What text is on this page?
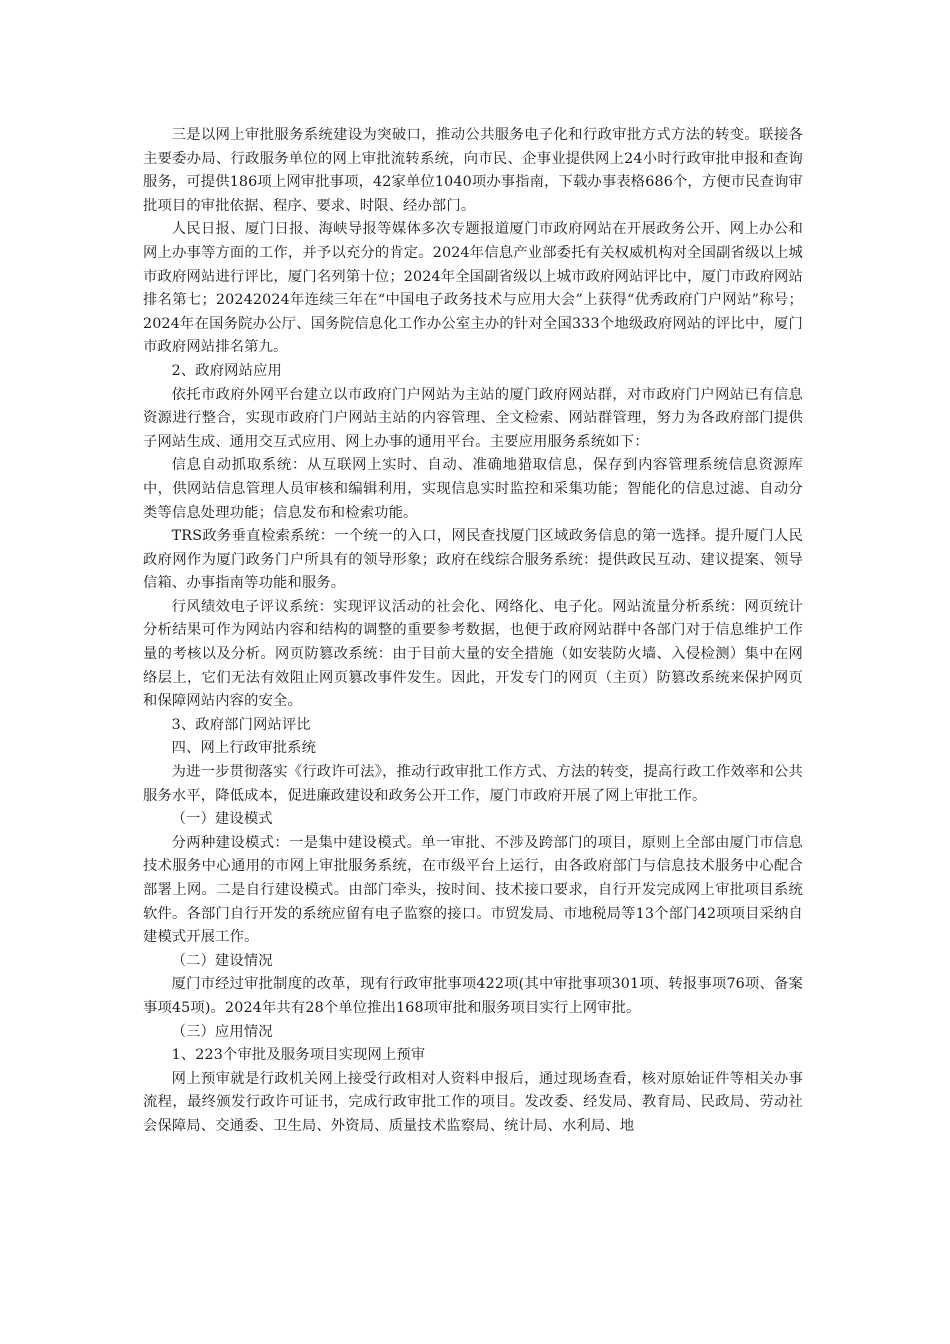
三是以网上审批服务系统建设为突破口，推动公共服务电子化和行政审批方式方法的转变。联接各主要委办局、行政服务单位的网上审批流转系统，向市民、企事业提供网上24小时行政审批申报和查询服务，可提供186项上网审批事项，42家单位1040项办事指南，下载办事表格686个，方便市民查询审批项目的审批依据、程序、要求、时限、经办部门。

人民日报、厦门日报、海峡导报等媒体多次专题报道厦门市政府网站在开展政务公开、网上办公和网上办事等方面的工作，并予以充分的肯定。2024年信息产业部委托有关权威机构对全国副省级以上城市政府网站进行评比，厦门名列第十位；2024年全国副省级以上城市政府网站评比中，厦门市政府网站排名第七；20242024年连续三年在“中国电子政务技术与应用大会”上获得“优秀政府门户网站”称号；2024年在国务院办公厅、国务院信息化工作办公室主办的针对全国333个地级政府网站的评比中，厦门市政府网站排名第九。

2、政府网站应用

依托市政府外网平台建立以市政府门户网站为主站的厦门政府网站群，对市政府门户网站已有信息资源进行整合，实现市政府门户网站主站的内容管理、全文检索、网站群管理，努力为各政府部门提供子网站生成、通用交互式应用、网上办事的通用平台。主要应用服务系统如下：

信息自动抓取系统：从互联网上实时、自动、准确地猎取信息，保存到内容管理系统信息资源库中，供网站信息管理人员审核和编辑利用，实现信息实时监控和采集功能；智能化的信息过滤、自动分类等信息处理功能；信息发布和检索功能。

TRS政务垂直检索系统：一个统一的入口，网民查找厦门区域政务信息的第一选择。提升厦门人民政府网作为厦门政务门户所具有的领导形象；政府在线综合服务系统：提供政民互动、建议提案、领导信箱、办事指南等功能和服务。

行风绩效电子评议系统：实现评议活动的社会化、网络化、电子化。网站流量分析系统：网页统计分析结果可作为网站内容和结构的调整的重要参考数据，也便于政府网站群中各部门对于信息维护工作量的考核以及分析。网页防篡改系统：由于目前大量的安全措施（如安装防火墙、入侵检测）集中在网络层上，它们无法有效阻止网页篡改事件发生。因此，开发专门的网页（主页）防篡改系统来保护网页和保障网站内容的安全。

3、政府部门网站评比

四、网上行政审批系统

为进一步贯彻落实《行政许可法》，推动行政审批工作方式、方法的转变，提高行政工作效率和公共服务水平，降低成本，促进廉政建设和政务公开工作，厦门市政府开展了网上审批工作。

（一）建设模式

分两种建设模式：一是集中建设模式。单一审批、不涉及跨部门的项目，原则上全部由厦门市信息技术服务中心通用的市网上审批服务系统，在市级平台上运行，由各政府部门与信息技术服务中心配合部署上网。二是自行建设模式。由部门牵头，按时间、技术接口要求，自行开发完成网上审批项目系统软件。各部门自行开发的系统应留有电子监察的接口。市贸发局、市地税局等13个部门42项项目采纳自建模式开展工作。

（二）建设情况

厦门市经过审批制度的改革，现有行政审批事项422项(其中审批事项301项、转报事项76项、备案事项45项)。2024年共有28个单位推出168项审批和服务项目实行上网审批。

（三）应用情况

1、223个审批及服务项目实现网上预审

网上预审就是行政机关网上接受行政相对人资料申报后，通过现场查看，核对原始证件等相关办事流程，最终颁发行政许可证书，完成行政审批工作的项目。发改委、经发局、教育局、民政局、劳动社会保障局、交通委、卫生局、外资局、质量技术监察局、统计局、水利局、地
